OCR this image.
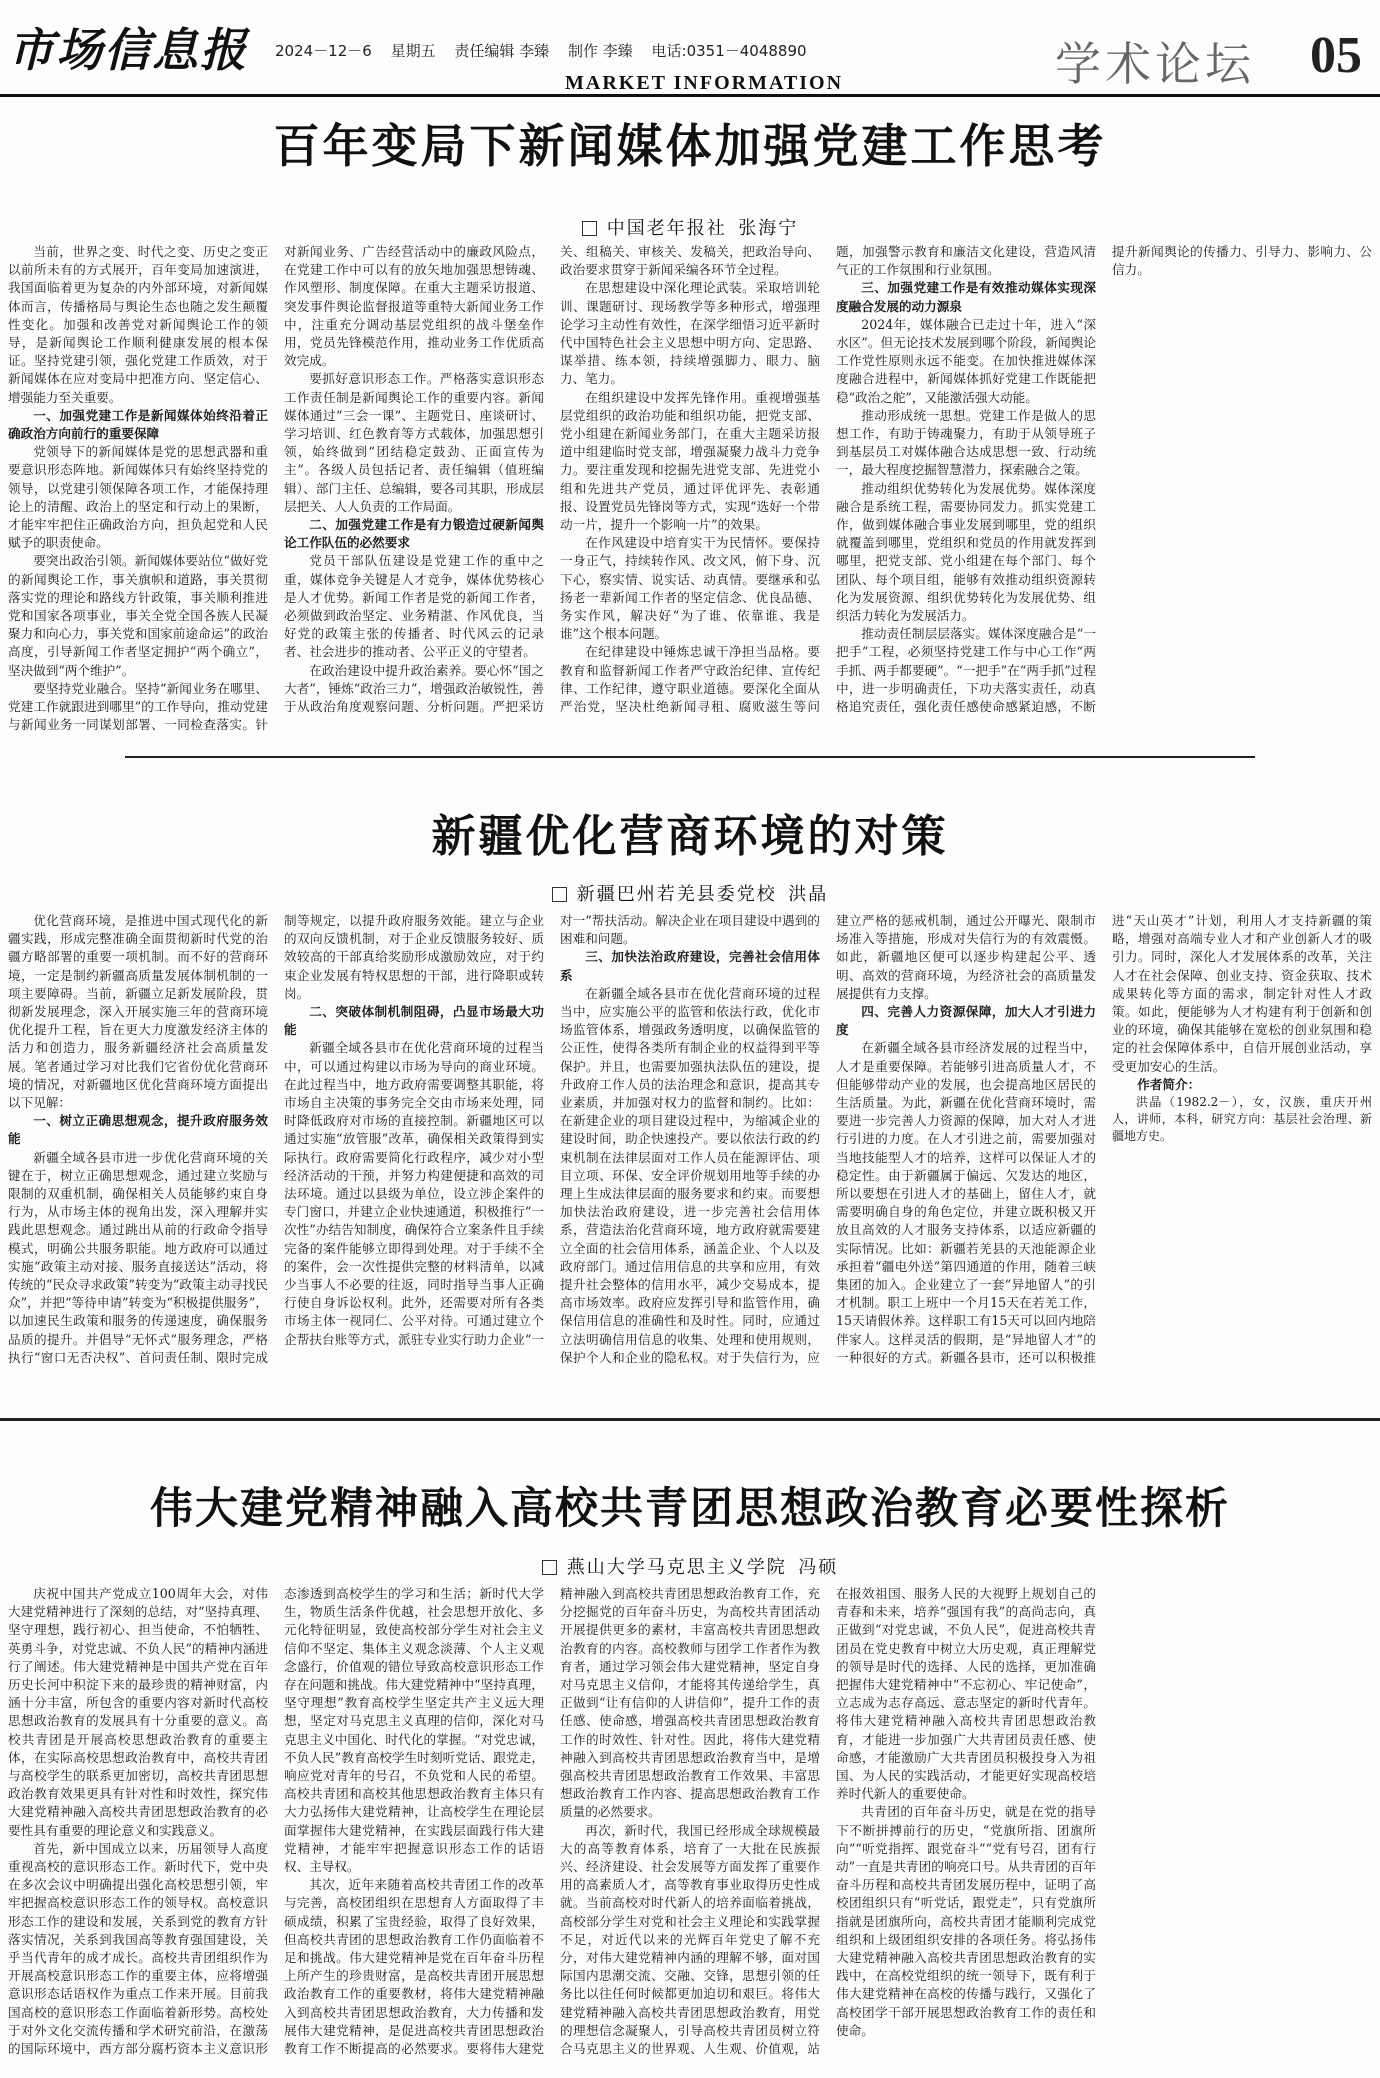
市场信息报 2024－12－6 星期五 责任编辑 李臻 制作 李臻 电话:0351－4048890
MARKET INFORMATION	学术论坛 05
百年变局下新闻媒体加强党建工作思考
中国老年报社 张海宁

当前，世界之变、时代之变、历史之变正以前所未有的方式展开，百年变局加速演进，我国面临着更为复杂的内外部环境，对新闻媒体而言，传播格局与舆论生态也随之发生颠覆性变化。加强和改善党对新闻舆论工作的领导，是新闻舆论工作顺利健康发展的根本保证。坚持党建引领，强化党建工作质效，对于新闻媒体在应对变局中把准方向、坚定信心、增强能力至关重要。

一、加强党建工作是新闻媒体始终沿着正确政治方向前行的重要保障

党领导下的新闻媒体是党的思想武器和重要意识形态阵地。新闻媒体只有始终坚持党的领导，以党建引领保障各项工作，才能保持理论上的清醒、政治上的坚定和行动上的果断，才能牢牢把住正确政治方向，担负起党和人民赋予的职责使命。

要突出政治引领。新闻媒体要站位“做好党的新闻舆论工作，事关旗帜和道路，事关贯彻落实党的理论和路线方针政策，事关顺利推进党和国家各项事业，事关全党全国各族人民凝聚力和向心力，事关党和国家前途命运”的政治高度，引导新闻工作者坚定拥护“两个确立”，坚决做到“两个维护”。

要坚持党业融合。坚持“新闻业务在哪里、党建工作就跟进到哪里”的工作导向，推动党建与新闻业务一同谋划部署、一同检查落实。针对新闻业务、广告经营活动中的廉政风险点，在党建工作中可以有的放矢地加强思想铸魂、作风塑形、制度保障。在重大主题采访报道、突发事件舆论监督报道等重特大新闻业务工作中，注重充分调动基层党组织的战斗堡垒作用，党员先锋模范作用，推动业务工作优质高效完成。

要抓好意识形态工作。严格落实意识形态工作责任制是新闻舆论工作的重要内容。新闻媒体通过“三会一课”、主题党日、座谈研讨、学习培训、红色教育等方式载体，加强思想引领，始终做到“团结稳定鼓劲、正面宣传为主”。各级人员包括记者、责任编辑（值班编辑）、部门主任、总编辑，要各司其职，形成层层把关、人人负责的工作局面。

二、加强党建工作是有力锻造过硬新闻舆论工作队伍的必然要求

党员干部队伍建设是党建工作的重中之重，媒体竞争关键是人才竞争，媒体优势核心是人才优势。新闻工作者是党的新闻工作者，必须做到政治坚定、业务精湛、作风优良，当好党的政策主张的传播者、时代风云的记录者、社会进步的推动者、公平正义的守望者。

在政治建设中提升政治素养。要心怀“国之大者”，锤炼“政治三力”，增强政治敏锐性，善于从政治角度观察问题、分析问题。严把采访关、组稿关、审核关、发稿关，把政治导向、政治要求贯穿于新闻采编各环节全过程。

在思想建设中深化理论武装。采取培训轮训、课题研讨、现场教学等多种形式，增强理论学习主动性有效性，在深学细悟习近平新时代中国特色社会主义思想中明方向、定思路、谋举措、练本领，持续增强脚力、眼力、脑力、笔力。

在组织建设中发挥先锋作用。重视增强基层党组织的政治功能和组织功能，把党支部、党小组建在新闻业务部门，在重大主题采访报道中组建临时党支部，增强凝聚力战斗力竞争力。要注重发现和挖掘先进党支部、先进党小组和先进共产党员，通过评优评先、表彰通报、设置党员先锋岗等方式，实现“选好一个带动一片，提升一个影响一片”的效果。

在作风建设中培育实干为民情怀。要保持一身正气，持续转作风、改文风，俯下身、沉下心，察实情、说实话、动真情。要继承和弘扬老一辈新闻工作者的坚定信念、优良品德、务实作风，解决好“为了谁、依靠谁、我是谁”这个根本问题。

在纪律建设中锤炼忠诚干净担当品格。要教育和监督新闻工作者严守政治纪律、宣传纪律、工作纪律，遵守职业道德。要深化全面从严治党，坚决杜绝新闻寻租、腐败滋生等问题，加强警示教育和廉洁文化建设，营造风清气正的工作氛围和行业氛围。

三、加强党建工作是有效推动媒体实现深度融合发展的动力源泉

2024年，媒体融合已走过十年，进入“深水区”。但无论技术发展到哪个阶段，新闻舆论工作党性原则永远不能变。在加快推进媒体深度融合进程中，新闻媒体抓好党建工作既能把稳“政治之舵”，又能激活强大动能。

推动形成统一思想。党建工作是做人的思想工作，有助于铸魂聚力，有助于从领导班子到基层员工对媒体融合达成思想一致、行动统一，最大程度挖掘智慧潜力，探索融合之策。

推动组织优势转化为发展优势。媒体深度融合是系统工程，需要协同发力。抓实党建工作，做到媒体融合事业发展到哪里，党的组织就覆盖到哪里，党组织和党员的作用就发挥到哪里，把党支部、党小组建在每个部门、每个团队、每个项目组，能够有效推动组织资源转化为发展资源、组织优势转化为发展优势、组织活力转化为发展活力。

推动责任制层层落实。媒体深度融合是“一把手”工程，必须坚持党建工作与中心工作“两手抓、两手都要硬”。“一把手”在“两手抓”过程中，进一步明确责任，下功夫落实责任，动真格追究责任，强化责任感使命感紧迫感，不断提升新闻舆论的传播力、引导力、影响力、公信力。

新疆优化营商环境的对策
新疆巴州若羌县委党校 洪晶

优化营商环境，是推进中国式现代化的新疆实践，形成完整准确全面贯彻新时代党的治疆方略部署的重要一项机制。而不好的营商环境，一定是制约新疆高质量发展体制机制的一项主要障碍。当前，新疆立足新发展阶段，贯彻新发展理念，深入开展实施三年的营商环境优化提升工程，旨在更大力度激发经济主体的活力和创造力，服务新疆经济社会高质量发展。笔者通过学习对比我们它省份优化营商环境的情况，对新疆地区优化营商环境方面提出以下见解：

一、树立正确思想观念，提升政府服务效能

新疆全域各县市进一步优化营商环境的关键在于，树立正确思想观念，通过建立奖励与限制的双重机制，确保相关人员能够约束自身行为，从市场主体的视角出发，深入理解并实践此思想观念。通过跳出从前的行政命令指导模式，明确公共服务职能。地方政府可以通过实施“政策主动对接、服务直接送达”活动，将传统的“民众寻求政策”转变为“政策主动寻找民众”，并把“等待申请”转变为“积极提供服务”，以加速民生政策和服务的传递速度，确保服务品质的提升。并倡导“无怀式”服务理念，严格执行“窗口无否决权”、首问责任制、限时完成制等规定，以提升政府服务效能。建立与企业的双向反馈机制，对于企业反馈服务较好、质效较高的干部真给奖励形成激励效应，对于约束企业发展有特权思想的干部，进行降职或转岗。

二、突破体制机制阻碍，凸显市场最大功能

新疆全域各县市在优化营商环境的过程当中，可以通过构建以市场为导向的商业环境。在此过程当中，地方政府需要调整其职能，将市场自主决策的事务完全交由市场来处理，同时降低政府对市场的直接控制。新疆地区可以通过实施“放管服”改革，确保相关政策得到实际执行。政府需要简化行政程序，减少对小型经济活动的干预，并努力构建便捷和高效的司法环境。通过以县级为单位，设立涉企案件的专门窗口，并建立企业快速通道，积极推行“一次性”办结告知制度，确保符合立案条件且手续完备的案件能够立即得到处理。对于手续不全的案件，会一次性提供完整的材料清单，以减少当事人不必要的往返，同时指导当事人正确行使自身诉讼权利。此外，还需要对所有各类市场主体一视同仁、公平对待。可通过建立个企帮扶台账等方式，派驻专业实行助力企业“一对一”帮扶活动。解决企业在项目建设中遇到的困难和问题。

三、加快法治政府建设，完善社会信用体系

在新疆全域各县市在优化营商环境的过程当中，应实施公平的监管和依法行政，优化市场监管体系，增强政务透明度，以确保监管的公正性，使得各类所有制企业的权益得到平等保护。并且，也需要加强执法队伍的建设，提升政府工作人员的法治理念和意识，提高其专业素质，并加强对权力的监督和制约。比如：在新建企业的项目建设过程中，为缩减企业的建设时间，助企快速投产。要以依法行政的约束机制在法律层面对工作人员在能源评估、项目立项、环保、安全评价规划用地等手续的办理上生成法律层面的服务要求和约束。而要想加快法治政府建设，进一步完善社会信用体系，营造法治化营商环境，地方政府就需要建立全面的社会信用体系，涵盖企业、个人以及政府部门。通过信用信息的共享和应用，有效提升社会整体的信用水平，减少交易成本，提高市场效率。政府应发挥引导和监管作用，确保信用信息的准确性和及时性。同时，应通过立法明确信用信息的收集、处理和使用规则，保护个人和企业的隐私权。对于失信行为，应建立严格的惩戒机制，通过公开曝光、限制市场准入等措施，形成对失信行为的有效震慑。如此，新疆地区便可以逐步构建起公平、透明、高效的营商环境，为经济社会的高质量发展提供有力支撑。

四、完善人力资源保障，加大人才引进力度

在新疆全域各县市经济发展的过程当中，人才是重要保障。若能够引进高质量人才，不但能够带动产业的发展，也会提高地区居民的生活质量。为此，新疆在优化营商环境时，需要进一步完善人力资源的保障，加大对人才进行引进的力度。在人才引进之前，需要加强对当地技能型人才的培养，这样可以保证人才的稳定性。由于新疆属于偏远、欠发达的地区，所以要想在引进人才的基础上，留住人才，就需要明确自身的角色定位，并建立既积极又开放且高效的人才服务支持体系，以适应新疆的实际情况。比如：新疆若羌县的天池能源企业承担着“疆电外送”第四通道的作用，随着三峡集团的加入。企业建立了一套“异地留人”的引才机制。职工上班中一个月15天在若羌工作，15天请假休养。这样职工有15天可以回内地陪伴家人。这样灵活的假期，是“异地留人才”的一种很好的方式。新疆各县市，还可以积极推进“天山英才”计划，利用人才支持新疆的策略，增强对高端专业人才和产业创新人才的吸引力。同时，深化人才发展体系的改革，关注人才在社会保障、创业支持、资金获取、技术成果转化等方面的需求，制定针对性人才政策。如此，便能够为人才构建有利于创新和创业的环境，确保其能够在宽松的创业氛围和稳定的社会保障体系中，自信开展创业活动，享受更加安心的生活。

作者简介：

洪晶（1982.2－），女，汉族，重庆开州人，讲师，本科，研究方向：基层社会治理、新疆地方史。

伟大建党精神融入高校共青团思想政治教育必要性探析
燕山大学马克思主义学院 冯硕

庆祝中国共产党成立100周年大会，对伟大建党精神进行了深刻的总结，对“坚持真理、坚守理想，践行初心、担当使命，不怕牺牲、英勇斗争，对党忠诚、不负人民”的精神内涵进行了阐述。伟大建党精神是中国共产党在百年历史长河中积淀下来的最珍贵的精神财富，内涵十分丰富，所包含的重要内容对新时代高校思想政治教育的发展具有十分重要的意义。高校共青团是开展高校思想政治教育的重要主体，在实际高校思想政治教育中，高校共青团与高校学生的联系更加密切，高校共青团思想政治教育效果更具有针对性和时效性，探究伟大建党精神融入高校共青团思想政治教育的必要性具有重要的理论意义和实践意义。

首先，新中国成立以来，历届领导人高度重视高校的意识形态工作。新时代下，党中央在多次会议中明确提出强化高校思想引领，牢牢把握高校意识形态工作的领导权。高校意识形态工作的建设和发展，关系到党的教育方针落实情况，关系到我国高等教育强国建设，关乎当代青年的成才成长。高校共青团组织作为开展高校意识形态工作的重要主体，应将增强意识形态话语权作为重点工作来开展。目前我国高校的意识形态工作面临着新形势。高校处于对外文化交流传播和学术研究前沿，在激荡的国际环境中，西方部分腐朽资本主义意识形态渗透到高校学生的学习和生活；新时代大学生，物质生活条件优越，社会思想开放化、多元化特征明显，致使高校部分学生对社会主义信仰不坚定、集体主义观念淡薄、个人主义观念盛行，价值观的错位导致高校意识形态工作存在问题和挑战。伟大建党精神中“坚持真理，坚守理想”教育高校学生坚定共产主义远大理想，坚定对马克思主义真理的信仰，深化对马克思主义中国化、时代化的掌握。“对党忠诚，不负人民”教育高校学生时刻听党话、跟党走，响应党对青年的号召，不负党和人民的希望。高校共青团和高校其他思想政治教育主体只有大力弘扬伟大建党精神，让高校学生在理论层面掌握伟大建党精神，在实践层面践行伟大建党精神，才能牢牢把握意识形态工作的话语权、主导权。

其次，近年来随着高校共青团工作的改革与完善，高校团组织在思想育人方面取得了丰硕成绩，积累了宝贵经验，取得了良好效果，但高校共青团的思想政治教育工作仍面临着不足和挑战。伟大建党精神是党在百年奋斗历程上所产生的珍贵财富，是高校共青团开展思想政治教育工作的重要教材，将伟大建党精神融入到高校共青团思想政治教育，大力传播和发展伟大建党精神，是促进高校共青团思想政治教育工作不断提高的必然要求。要将伟大建党精神融入到高校共青团思想政治教育工作，充分挖掘党的百年奋斗历史，为高校共青团活动开展提供更多的素材，丰富高校共青团思想政治教育的内容。高校教师与团学工作者作为教育者，通过学习领会伟大建党精神，坚定自身对马克思主义信仰，才能将其传递给学生，真正做到“让有信仰的人讲信仰”，提升工作的责任感、使命感，增强高校共青团思想政治教育工作的时效性、针对性。因此，将伟大建党精神融入到高校共青团思想政治教育当中，是增强高校共青团思想政治教育工作效果、丰富思想政治教育工作内容、提高思想政治教育工作质量的必然要求。

再次，新时代，我国已经形成全球规模最大的高等教育体系，培育了一大批在民族振兴、经济建设、社会发展等方面发挥了重要作用的高素质人才，高等教育事业取得历史性成就。当前高校对时代新人的培养面临着挑战，高校部分学生对党和社会主义理论和实践掌握不足，对近代以来的光辉百年党史了解不充分，对伟大建党精神内涵的理解不够，面对国际国内思潮交流、交融、交锋，思想引领的任务比以往任何时候都更加迫切和艰巨。将伟大建党精神融入高校共青团思想政治教育，用党的理想信念凝聚人，引导高校共青团员树立符合马克思主义的世界观、人生观、价值观，站在报效祖国、服务人民的大视野上规划自己的青春和未来，培养“强国有我”的高尚志向，真正做到“对党忠诚，不负人民”，促进高校共青团员在党史教育中树立大历史观，真正理解党的领导是时代的选择、人民的选择，更加准确把握伟大建党精神中“不忘初心、牢记使命”，立志成为志存高远、意志坚定的新时代青年。将伟大建党精神融入高校共青团思想政治教育，才能进一步加强广大共青团员责任感、使命感，才能激励广大共青团员积极投身入为祖国、为人民的实践活动，才能更好实现高校培养时代新人的重要使命。

共青团的百年奋斗历史，就是在党的指导下不断拼搏前行的历史，“党旗所指、团旗所向”“听党指挥、跟党奋斗”“党有号召，团有行动”一直是共青团的响亮口号。从共青团的百年奋斗历程和高校共青团发展历程中，证明了高校团组织只有“听党话，跟党走”，只有党旗所指就是团旗所向，高校共青团才能顺利完成党组织和上级团组织安排的各项任务。将弘扬伟大建党精神融入高校共青团思想政治教育的实践中，在高校党组织的统一领导下，既有利于伟大建党精神在高校的传播与践行，又强化了高校团学干部开展思想政治教育工作的责任和使命。
